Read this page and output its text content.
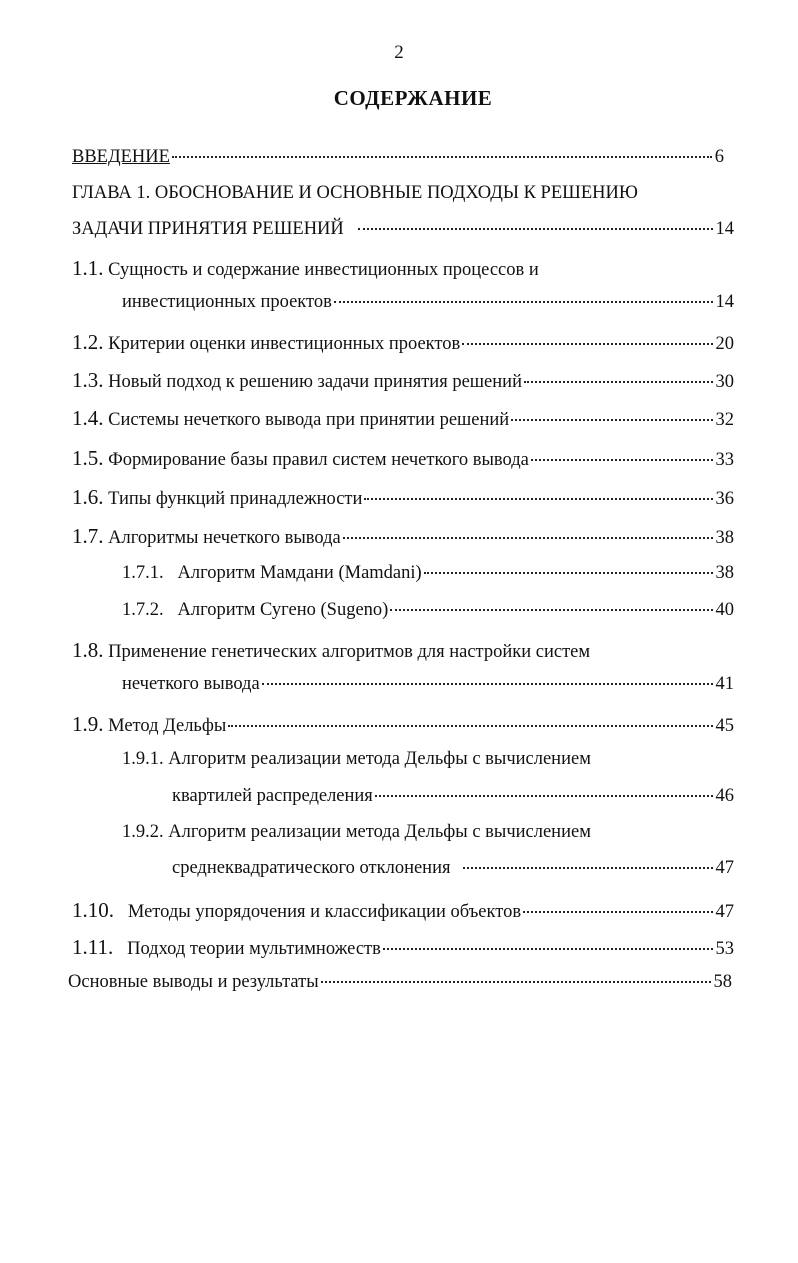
2
СОДЕРЖАНИЕ
ВВЕДЕНИЕ	6
ГЛАВА 1. ОБОСНОВАНИЕ И ОСНОВНЫЕ ПОДХОДЫ К РЕШЕНИЮ
ЗАДАЧИ ПРИНЯТИЯ РЕШЕНИЙ	14
1.1. Сущность и содержание инвестиционных процессов и
инвестиционных проектов	14
1.2. Критерии оценки инвестиционных проектов	20
1.3. Новый подход к решению задачи принятия решений	30
1.4. Системы нечеткого вывода при принятии решений	32
1.5. Формирование базы правил систем нечеткого вывода	33
1.6. Типы функций принадлежности	36
1.7. Алгоритмы нечеткого вывода	38
1.7.1. Алгоритм Мамдани (Mamdani)	38
1.7.2. Алгоритм Сугено (Sugeno)	40
1.8. Применение генетических алгоритмов для настройки систем
нечеткого вывода	41
1.9. Метод Дельфы	45
1.9.1. Алгоритм реализации метода Дельфы с вычислением
квартилей распределения	46
1.9.2. Алгоритм реализации метода Дельфы с вычислением
среднеквадратического отклонения	47
1.10. Методы упорядочения и классификации объектов	47
1.11. Подход теории мультимножеств	53
Основные выводы и результаты	58
